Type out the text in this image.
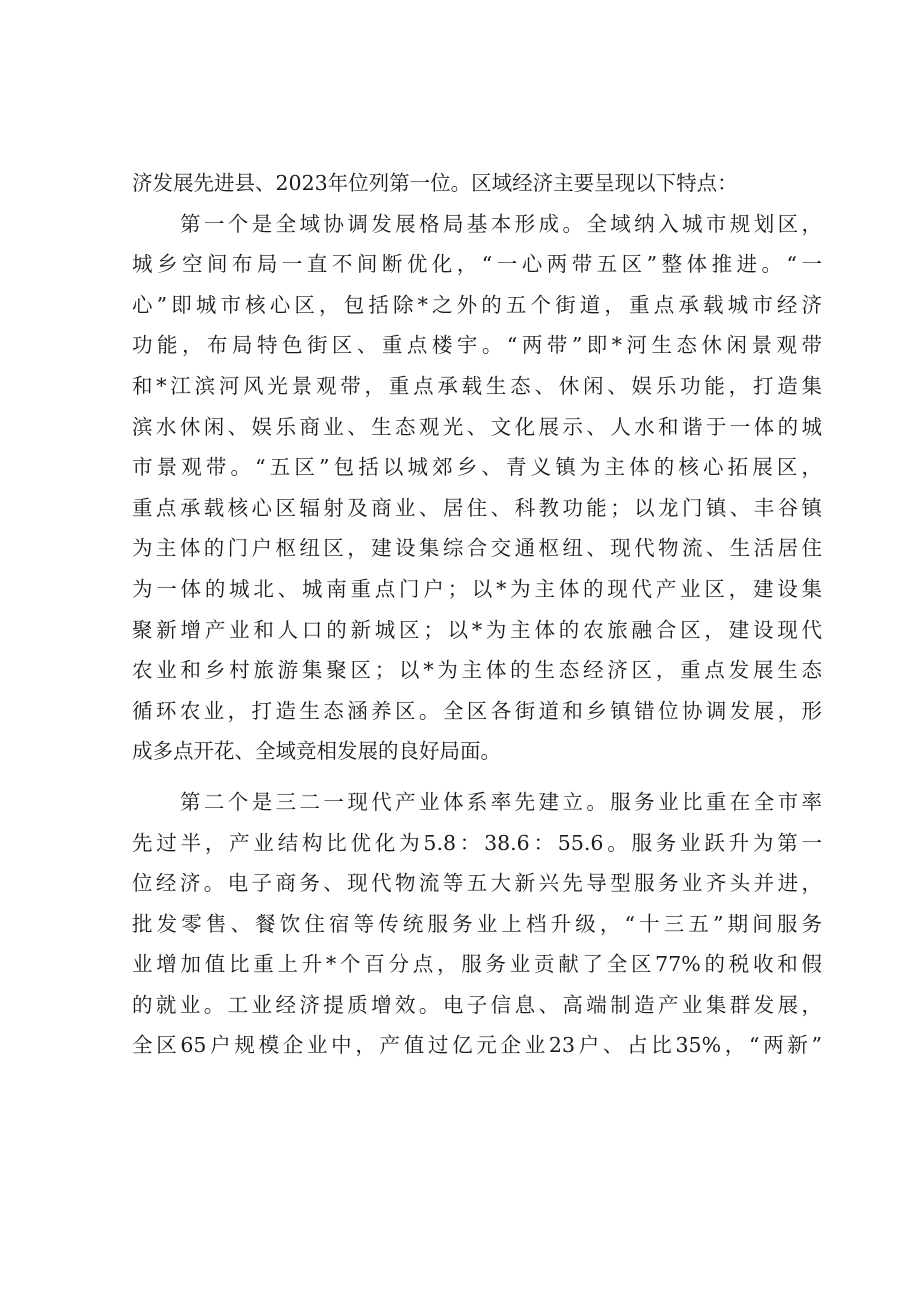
济发展先进县、2023年位列第一位。区域经济主要呈现以下特点：
第一个是全域协调发展格局基本形成。全域纳入城市规划区，
城乡空间布局一直不间断优化，“一心两带五区”整体推进。“一
心”即城市核心区，包括除*之外的五个街道，重点承载城市经济
功能，布局特色街区、重点楼宇。“两带”即*河生态休闲景观带
和*江滨河风光景观带，重点承载生态、休闲、娱乐功能，打造集
滨水休闲、娱乐商业、生态观光、文化展示、人水和谐于一体的城
市景观带。“五区”包括以城郊乡、青义镇为主体的核心拓展区，
重点承载核心区辐射及商业、居住、科教功能；以龙门镇、丰谷镇
为主体的门户枢纽区，建设集综合交通枢纽、现代物流、生活居住
为一体的城北、城南重点门户；以*为主体的现代产业区，建设集
聚新增产业和人口的新城区；以*为主体的农旅融合区，建设现代
农业和乡村旅游集聚区；以*为主体的生态经济区，重点发展生态
循环农业，打造生态涵养区。全区各街道和乡镇错位协调发展，形
成多点开花、全域竞相发展的良好局面。
第二个是三二一现代产业体系率先建立。服务业比重在全市率
先过半，产业结构比优化为5.8：38.6：55.6。服务业跃升为第一
位经济。电子商务、现代物流等五大新兴先导型服务业齐头并进，
批发零售、餐饮住宿等传统服务业上档升级，“十三五”期间服务
业增加值比重上升*个百分点，服务业贡献了全区77%的税收和假
的就业。工业经济提质增效。电子信息、高端制造产业集群发展，
全区65户规模企业中，产值过亿元企业23户、占比35%，“两新”
